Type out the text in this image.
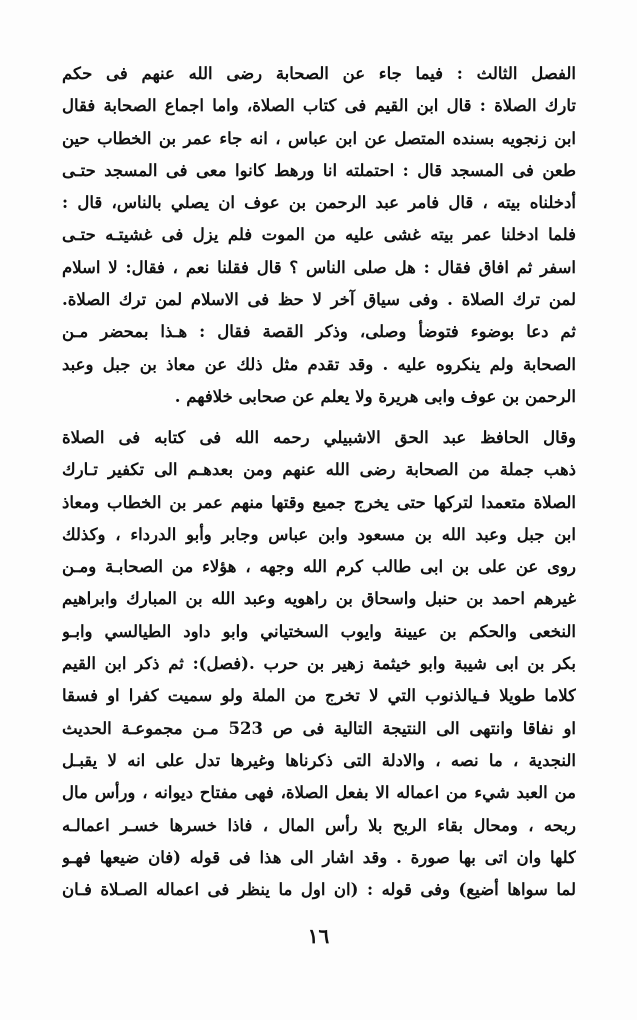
الفصل الثالث : فيما جاء عن الصحابة رضى الله عنهم فى حكم
تارك الصلاة : قال ابن القيم فى كتاب الصلاة، واما اجماع الصحابة فقال
ابن زنجويه بسنده المتصل عن ابن عباس ، انه جاء عمر بن الخطاب حين
طعن فى المسجد قال : احتملته انا ورهط كانوا معى فى المسجد حتـى
أدخلناه بيته ، قال فامر عبد الرحمن بن عوف ان يصلي بالناس، قال :
فلما ادخلنا عمر بيته غشى عليه من الموت فلم يزل فى غشيتـه حتـى
اسفر ثم افاق فقال : هل صلى الناس ؟ قال فقلنا نعم ، فقال: لا اسلام
لمن ترك الصلاة . وفى سياق آخر لا حظ فى الاسلام لمن ترك الصلاة.
ثم دعا بوضوء فتوضأ وصلى، وذكر القصة فقال : هـذا بمحضر مـن
الصحابة ولم ينكروه عليه . وقد تقدم مثل ذلك عن معاذ بن جبل وعبد
الرحمن بن عوف وابى هريرة ولا يعلم عن صحابى خلافهم .
وقال الحافظ عبد الحق الاشبيلي رحمه الله فى كتابه فى الصلاة
ذهب جملة من الصحابة رضى الله عنهم ومن بعدهـم الى تكفير تـارك
الصلاة متعمدا لتركها حتى يخرج جميع وقتها منهم عمر بن الخطاب ومعاذ
ابن جبل وعبد الله بن مسعود وابن عباس وجابر وأبو الدرداء ، وكذلك
روى عن على بن ابى طالب كرم الله وجهه ، هؤلاء من الصحابـة ومـن
غيرهم احمد بن حنبل واسحاق بن راهويه وعبد الله بن المبارك وابراهيم
النخعى والحكم بن عيينة وايوب السختياني وابو داود الطيالسي وابـو
بكر بن ابى شيبة وابو خيثمة زهير بن حرب .(فصل): ثم ذكر ابن القيم
كلاما طويلا فـيالذنوب التي لا تخرج من الملة ولو سميت كفرا او فسقا
او نفاقا وانتهى الى النتيجة التالية فى ص 523 مـن مجموعـة الحديث
النجدية ، ما نصه ، والادلة التى ذكرناها وغيرها تدل على انه لا يقبـل
من العبد شيء من اعماله الا بفعل الصلاة، فهى مفتاح ديوانه ، ورأس مال
ربحه ، ومحال بقاء الربح بلا رأس المال ، فاذا خسرها خسـر اعمالـه
كلها وان اتى بها صورة . وقد اشار الى هذا فى قوله (فان ضيعها فهـو
لما سواها أضيع) وفى قوله : (ان اول ما ينظر فى اعماله الصـلاة فـان
١٦
